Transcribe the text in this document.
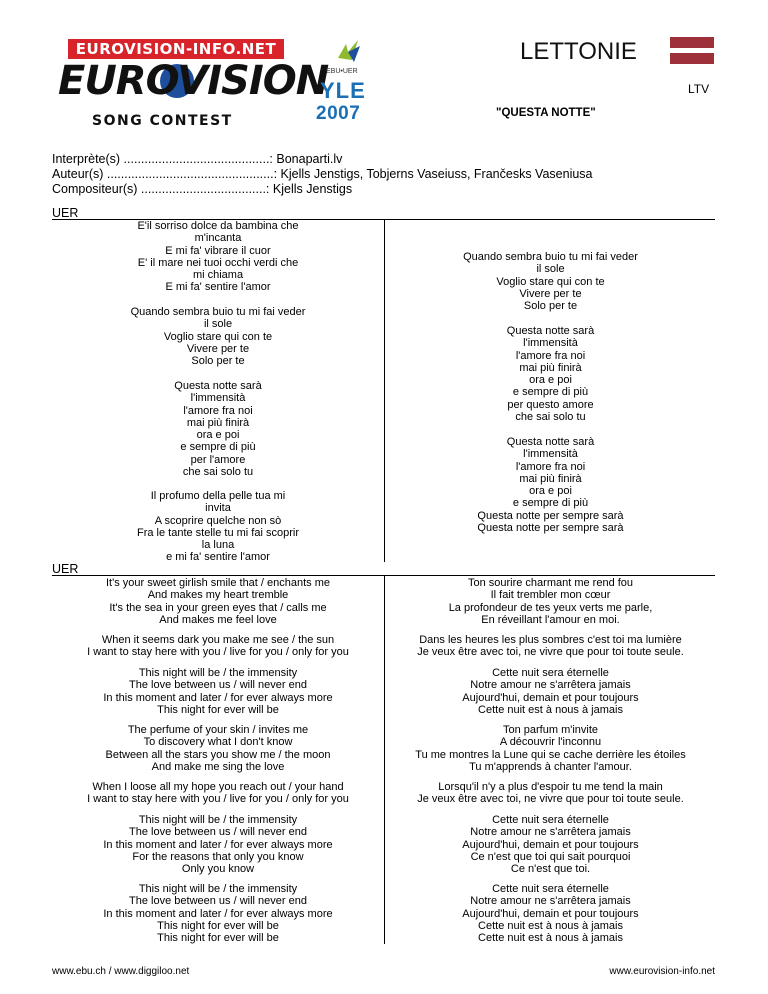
EUROVISION-INFO.NET
EUROVISION
SONG CONTEST
EBU•UER
YLE
2007
LETTONIE
LTV
"QUESTA NOTTE"
Interprète(s) ..........................................: Bonaparti.lv
Auteur(s) ................................................: Kjells Jenstigs, Tobjerns Vaseiuss, Frančesks Vaseniusa
Compositeur(s) ....................................: Kjells Jenstigs
UER
E'il sorriso dolce da bambina che
m'incanta
E mi fa' vibrare il cuor
E' il mare nei tuoi occhi verdi che
mi chiama
E mi fa' sentire l'amor
Quando sembra buio tu mi fai veder
il sole
Voglio stare qui con te
Vivere per te
Solo per te
Questa notte sarà
l'immensità
l'amore fra noi
mai più finirà
ora e poi
e sempre di più
per l'amore
che sai solo tu
Il profumo della pelle tua mi
invita
A scoprire quelche non sò
Fra le tante stelle tu mi fai scoprir
la luna
e mi fa' sentire l'amor
Quando sembra buio tu mi fai veder
il sole
Voglio stare qui con te
Vivere per te
Solo per te
Questa notte sarà
l'immensità
l'amore fra noi
mai più finirà
ora e poi
e sempre di più
per questo amore
che sai solo tu
Questa notte sarà
l'immensità
l'amore fra noi
mai più finirà
ora e poi
e sempre di più
Questa notte per sempre sarà
Questa notte per sempre sarà
UER
It's your sweet girlish smile that / enchants me
And makes my heart tremble
It's the sea in your green eyes that / calls me
And makes me feel love
When it seems dark you make me see / the sun
I want to stay here with you / live for you / only for you
This night will be / the immensity
The love between us / will never end
In this moment and later / for ever always more
This night for ever will be
The perfume of your skin / invites me
To discovery what I don't know
Between all the stars you show me / the moon
And make me sing the love
When I loose all my hope you reach out / your hand
I want to stay here with you / live for you / only for you
This night will be / the immensity
The love between us / will never end
In this moment and later / for ever always more
For the reasons that only you know
Only you know
This night will be / the immensity
The love between us / will never end
In this moment and later / for ever always more
This night for ever will be
This night for ever will be
Ton sourire charmant me rend fou
Il fait trembler mon cœur
La profondeur de tes yeux verts me parle,
En réveillant l'amour en moi.
Dans les heures les plus sombres c'est toi ma lumière
Je veux être avec toi, ne vivre que pour toi toute seule.
Cette nuit sera éternelle
Notre amour ne s'arrêtera jamais
Aujourd'hui, demain et pour toujours
Cette nuit est à nous à jamais
Ton parfum m'invite
A découvrir l'inconnu
Tu me montres la Lune qui se cache derrière les étoiles
Tu m'apprends à chanter l'amour.
Lorsqu'il n'y a plus d'espoir tu me tend la main
Je veux être avec toi, ne vivre que pour toi toute seule.
Cette nuit sera éternelle
Notre amour ne s'arrêtera jamais
Aujourd'hui, demain et pour toujours
Ce n'est que toi qui sait pourquoi
Ce n'est que toi.
Cette nuit sera éternelle
Notre amour ne s'arrêtera jamais
Aujourd'hui, demain et pour toujours
Cette nuit est à nous à jamais
Cette nuit est à nous à jamais
www.ebu.ch / www.diggiloo.net	www.eurovision-info.net
